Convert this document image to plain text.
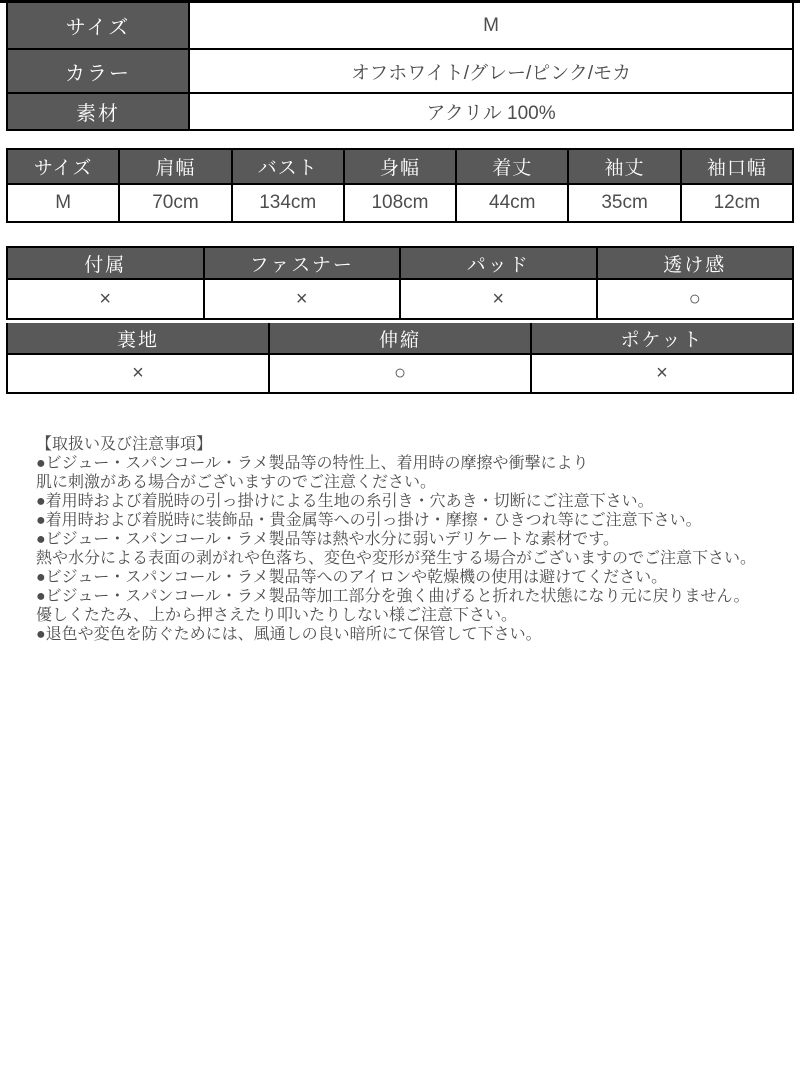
サイズ	M
カラー	オフホワイト/グレー/ピンク/モカ
素材	アクリル 100%
サイズ	肩幅	バスト	身幅	着丈	袖丈	袖口幅
M	70cm	134cm	108cm	44cm	35cm	12cm
付属	ファスナー	パッド	透け感
×	×	×	○
裏地	伸縮	ポケット
×	○	×

【取扱い及び注意事項】

●ビジュー・スパンコール・ラメ製品等の特性上、着用時の摩擦や衝撃により

肌に刺激がある場合がございますのでご注意ください。

●着用時および着脱時の引っ掛けによる生地の糸引き・穴あき・切断にご注意下さい。

●着用時および着脱時に装飾品・貴金属等への引っ掛け・摩擦・ひきつれ等にご注意下さい。

●ビジュー・スパンコール・ラメ製品等は熱や水分に弱いデリケートな素材です。

熱や水分による表面の剥がれや色落ち、変色や変形が発生する場合がございますのでご注意下さい。

●ビジュー・スパンコール・ラメ製品等へのアイロンや乾燥機の使用は避けてください。

●ビジュー・スパンコール・ラメ製品等加工部分を強く曲げると折れた状態になり元に戻りません。

優しくたたみ、上から押さえたり叩いたりしない様ご注意下さい。

●退色や変色を防ぐためには、風通しの良い暗所にて保管して下さい。
